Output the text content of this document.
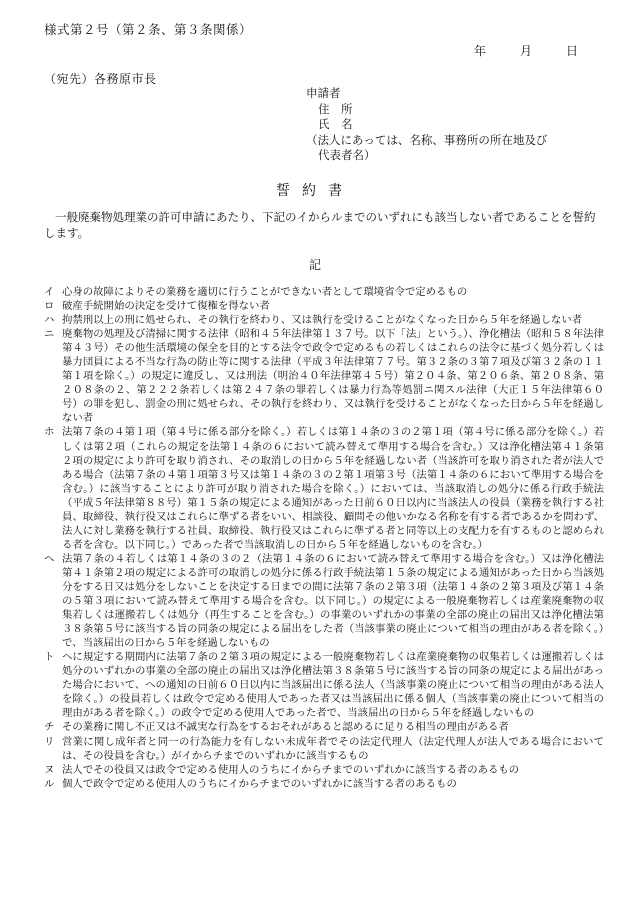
様式第２号（第２条、第３条関係）
年	月	日
（宛先）各務原市長
申請者
住　所
氏　名
（法人にあっては、名称、事務所の所在地及び
代表者名）
誓約書
一般廃棄物処理業の許可申請にあたり、下記のイからルまでのいずれにも該当しない者であることを誓約します。
記
イ 心身の故障によりその業務を適切に行うことができない者として環境省令で定めるもの
ロ 破産手続開始の決定を受けて復権を得ない者
ハ 拘禁刑以上の刑に処せられ、その執行を終わり、又は執行を受けることがなくなった日から５年を経過しない者
ニ 廃棄物の処理及び清掃に関する法律（昭和４５年法律第１３７号。以下「法」という。）、浄化槽法（昭和５８年法律第４３号）その他生活環境の保全を目的とする法令で政令で定めるもの若しくはこれらの法令に基づく処分若しくは暴力団員による不当な行為の防止等に関する法律（平成３年法律第７７号。第３２条の３第７項及び第３２条の１１第１項を除く。）の規定に違反し、又は刑法（明治４０年法律第４５号）第２０４条、第２０６条、第２０８条、第２０８条の２、第２２２条若しくは第２４７条の罪若しくは暴力行為等処罰ニ関スル法律（大正１５年法律第６０号）の罪を犯し、罰金の刑に処せられ、その執行を終わり、又は執行を受けることがなくなった日から５年を経過しない者
ホ 法第７条の４第１項（第４号に係る部分を除く。）若しくは第１４条の３の２第１項（第４号に係る部分を除く。）若しくは第２項（これらの規定を法第１４条の６において読み替えて準用する場合を含む。）又は浄化槽法第４１条第２項の規定により許可を取り消され、その取消しの日から５年を経過しない者（当該許可を取り消された者が法人である場合（法第７条の４第１項第３号又は第１４条の３の２第１項第３号（法第１４条の６において準用する場合を含む。）に該当することにより許可が取り消された場合を除く。）においては、当該取消しの処分に係る行政手続法（平成５年法律第８８号）第１５条の規定による通知があった日前６０日以内に当該法人の役員（業務を執行する社員、取締役、執行役又はこれらに準ずる者をいい、相談役、顧問その他いかなる名称を有する者であるかを問わず、法人に対し業務を執行する社員、取締役、執行役又はこれらに準ずる者と同等以上の支配力を有するものと認められる者を含む。以下同じ。）であった者で当該取消しの日から５年を経過しないものを含む。）
ヘ 法第７条の４若しくは第１４条の３の２（法第１４条の６において読み替えて準用する場合を含む。）又は浄化槽法第４１条第２項の規定による許可の取消しの処分に係る行政手続法第１５条の規定による通知があった日から当該処分をする日又は処分をしないことを決定する日までの間に法第７条の２第３項（法第１４条の２第３項及び第１４条の５第３項において読み替えて準用する場合を含む。以下同じ。）の規定による一般廃棄物若しくは産業廃棄物の収集若しくは運搬若しくは処分（再生することを含む。）の事業のいずれかの事業の全部の廃止の届出又は浄化槽法第３８条第５号に該当する旨の同条の規定による届出をした者（当該事業の廃止について相当の理由がある者を除く。）で、当該届出の日から５年を経過しないもの
ト ヘに規定する期間内に法第７条の２第３項の規定による一般廃棄物若しくは産業廃棄物の収集若しくは運搬若しくは処分のいずれかの事業の全部の廃止の届出又は浄化槽法第３８条第５号に該当する旨の同条の規定による届出があった場合において、への通知の日前６０日以内に当該届出に係る法人（当該事業の廃止について相当の理由がある法人を除く。）の役員若しくは政令で定める使用人であった者又は当該届出に係る個人（当該事業の廃止について相当の理由がある者を除く。）の政令で定める使用人であった者で、当該届出の日から５年を経過しないもの
チ その業務に関し不正又は不誠実な行為をするおそれがあると認めるに足りる相当の理由がある者
リ 営業に関し成年者と同一の行為能力を有しない未成年者でその法定代理人（法定代理人が法人である場合においては、その役員を含む。）がイからチまでのいずれかに該当するもの
ヌ 法人でその役員又は政令で定める使用人のうちにイからチまでのいずれかに該当する者のあるもの
ル 個人で政令で定める使用人のうちにイからチまでのいずれかに該当する者のあるもの
